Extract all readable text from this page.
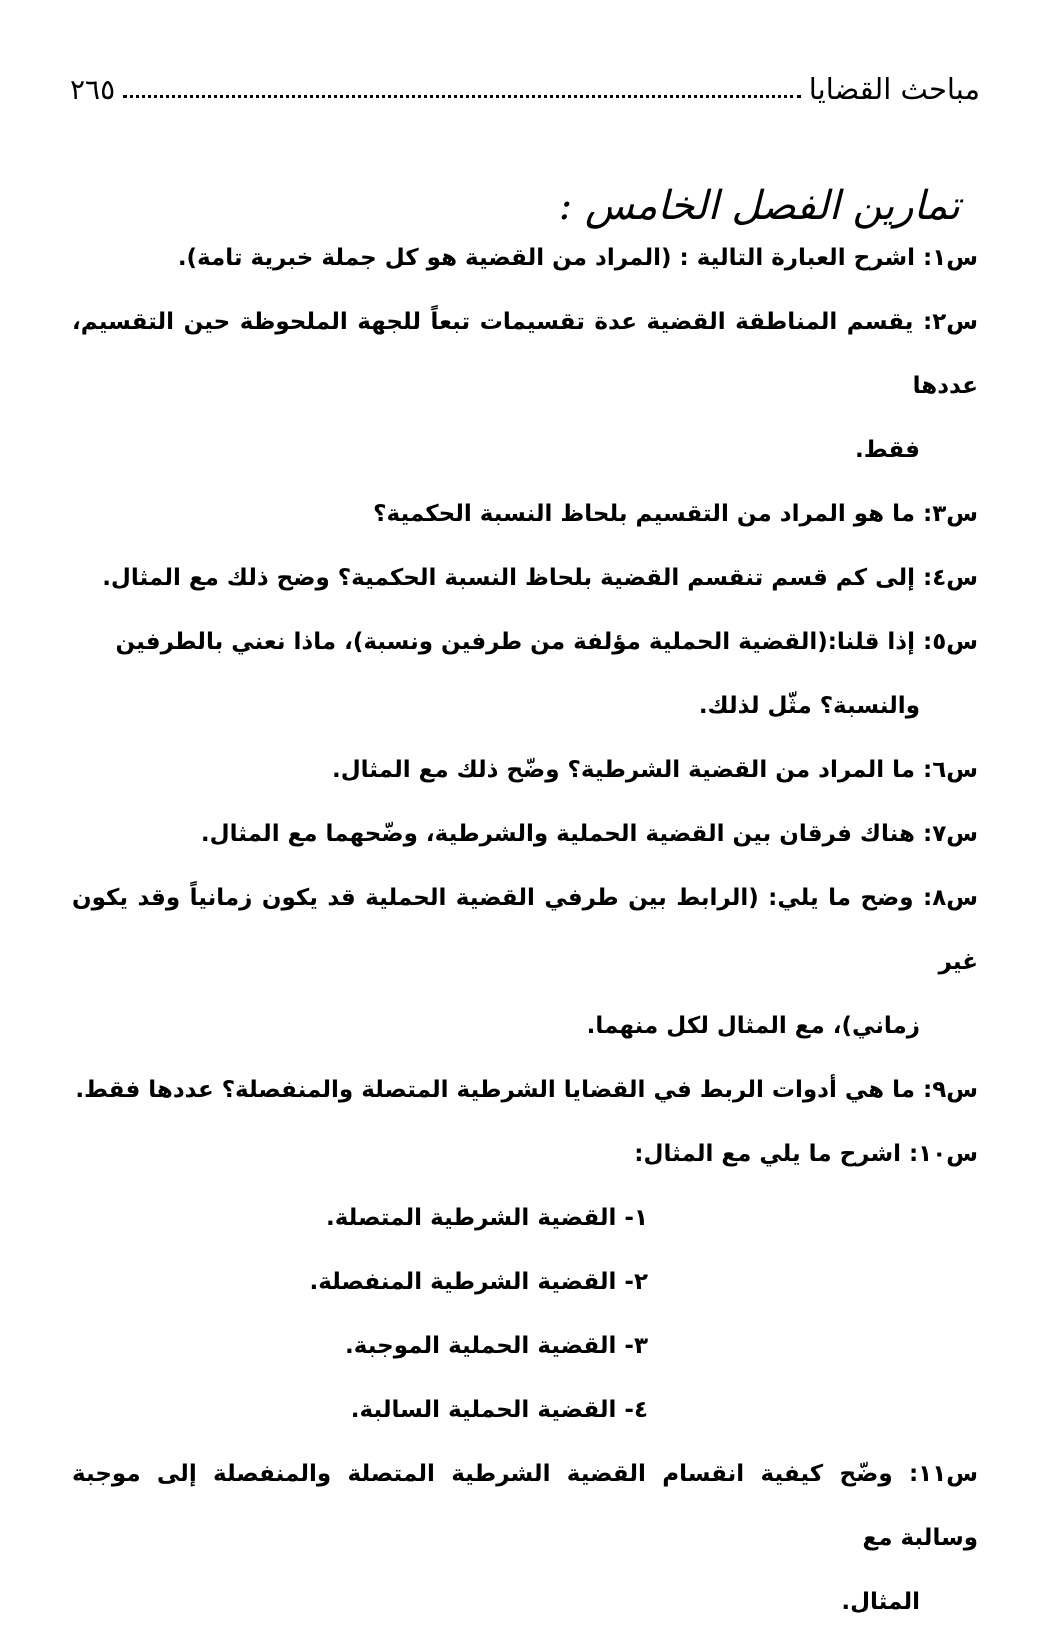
مباحث القضايا
٢٦٥
تمارين الفصل الخامس :

س١: اشرح العبارة التالية : (المراد من القضية هو كل جملة خبرية تامة).

س٢: يقسم المناطقة القضية عدة تقسيمات تبعاً للجهة الملحوظة حين التقسيم، عددها
فقط.

س٣: ما هو المراد من التقسيم بلحاظ النسبة الحكمية؟

س٤: إلى كم قسم تنقسم القضية بلحاظ النسبة الحكمية؟ وضح ذلك مع المثال.

س٥: إذا قلنا:(القضية الحملية مؤلفة من طرفين ونسبة)، ماذا نعني بالطرفين
والنسبة؟ مثّل لذلك.

س٦: ما المراد من القضية الشرطية؟ وضّح ذلك مع المثال.

س٧: هناك فرقان بين القضية الحملية والشرطية، وضّحهما مع المثال.

س٨: وضح ما يلي: (الرابط بين طرفي القضية الحملية قد يكون زمانياً وقد يكون غير
زماني)، مع المثال لكل منهما.

س٩: ما هي أدوات الربط في القضايا الشرطية المتصلة والمنفصلة؟ عددها فقط.

س١٠: اشرح ما يلي مع المثال:

١- القضية الشرطية المتصلة.
٢- القضية الشرطية المنفصلة.
٣- القضية الحملية الموجبة.
٤- القضية الحملية السالبة.

س١١: وضّح كيفية انقسام القضية الشرطية المتصلة والمنفصلة إلى موجبة وسالبة مع
المثال.
